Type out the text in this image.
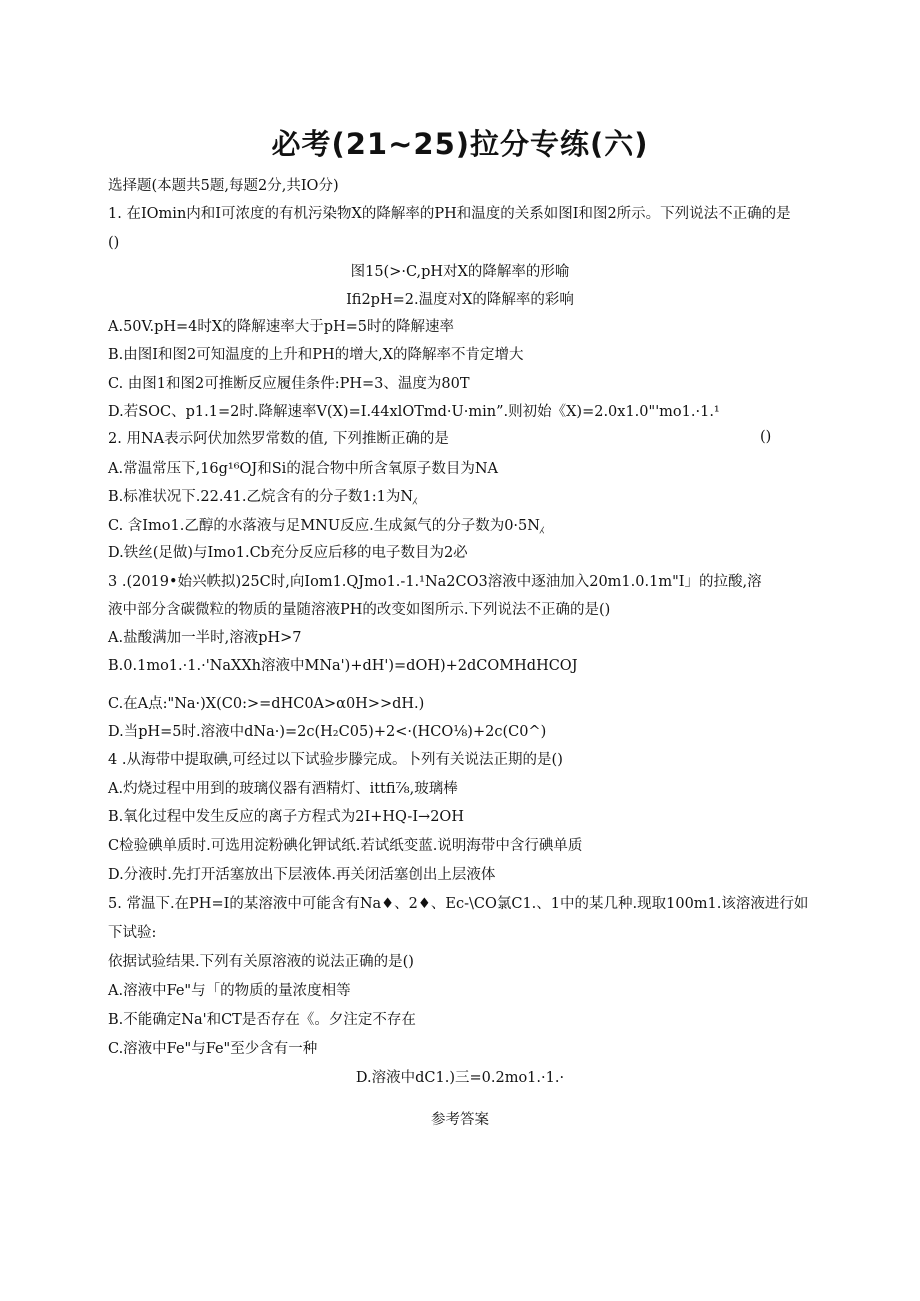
必考(21~25)拉分专练(六)
选择题(本题共5题,每题2分,共IO分)
1. 在IOmin内和I可浓度的有机污染物X的降解率的PH和温度的关系如图I和图2所示。下列说法不正确的是
()
A.50V.pH=4时X的降解速率大于pH=5时的降解速率
B.由图I和图2可知温度的上升和PH的增大,X的降解率不肯定增大
C. 由图1和图2可推断反应履佳条件:PH=3、温度为80T
D.若SOC、p1.1=2时.降解速率V(X)=I.44xlOTmd·U·min”.则初始《X)=2.0x1.0"'mo1.·1.¹
2. 用NA表示阿伏加然罗常数的值, 下列推断正确的是
A.常温常压下,16g¹⁶OJ和Si的混合物中所含氧原子数目为NA
B.标准状况下.22.41.乙烷含有的分子数1:1为N⁁
C. 含Imo1.乙醇的水落液与足MNU反应.生成氮气的分子数为0·5N⁁
D.铁丝(足做)与Imo1.Cb充分反应后移的电子数目为2必
3 .(2019•始兴帙拟)25C时,向Iom1.QJmo1.-1.¹Na2CO3溶液中逐油加入20m1.0.1m"I」的拉酸,溶
液中部分含碳微粒的物质的量随溶液PH的改变如图所示.下列说法不正确的是()
A.盐酸满加一半时,溶液pH>7
B.0.1mo1.·1.·'NaXXh溶液中MNa')+dH')=dOH)+2dCOMHdHCOJ
C.在A点:"Na·)X(C0:>=dHC0A>α0H>>dH.)
D.当pH=5时.溶液中dNa·)=2c(H₂C05)+2<·(HCO⅛)+2c(C0^)
4 .从海带中提取碘,可经过以下试验步滕完成。卜列有关说法正期的是()
A.灼烧过程中用到的玻璃仪器有酒精灯、ittfi⅞,玻璃棒
B.氧化过程中发生反应的离子方程式为2I+HQ-I→2OH
C检验碘单质时.可选用淀粉碘化钾试纸.若试纸变蓝.说明海带中含行碘单质
D.分液时.先打开活塞放出下层液体.再关闭活塞创出上层液体
5. 常温下.在PH=I的某溶液中可能含有Na♦、2♦、Ec-\CO氯C1.、1中的某几种.现取100m1.该溶液进行如
下试验:
依据试验结果.下列有关原溶液的说法正确的是()
A.溶液中Fe"与「的物质的量浓度相等
B.不能确定Na'和CT是否存在《。夕注定不存在
C.溶液中Fe"与Fe"至少含有一种
图15(>·C,pH对X的降解率的形喻
Ifi2pH=2.温度对X的降解率的彩响
D.溶液中dC1.)三=0.2mo1.·1.·
参考答案
()
